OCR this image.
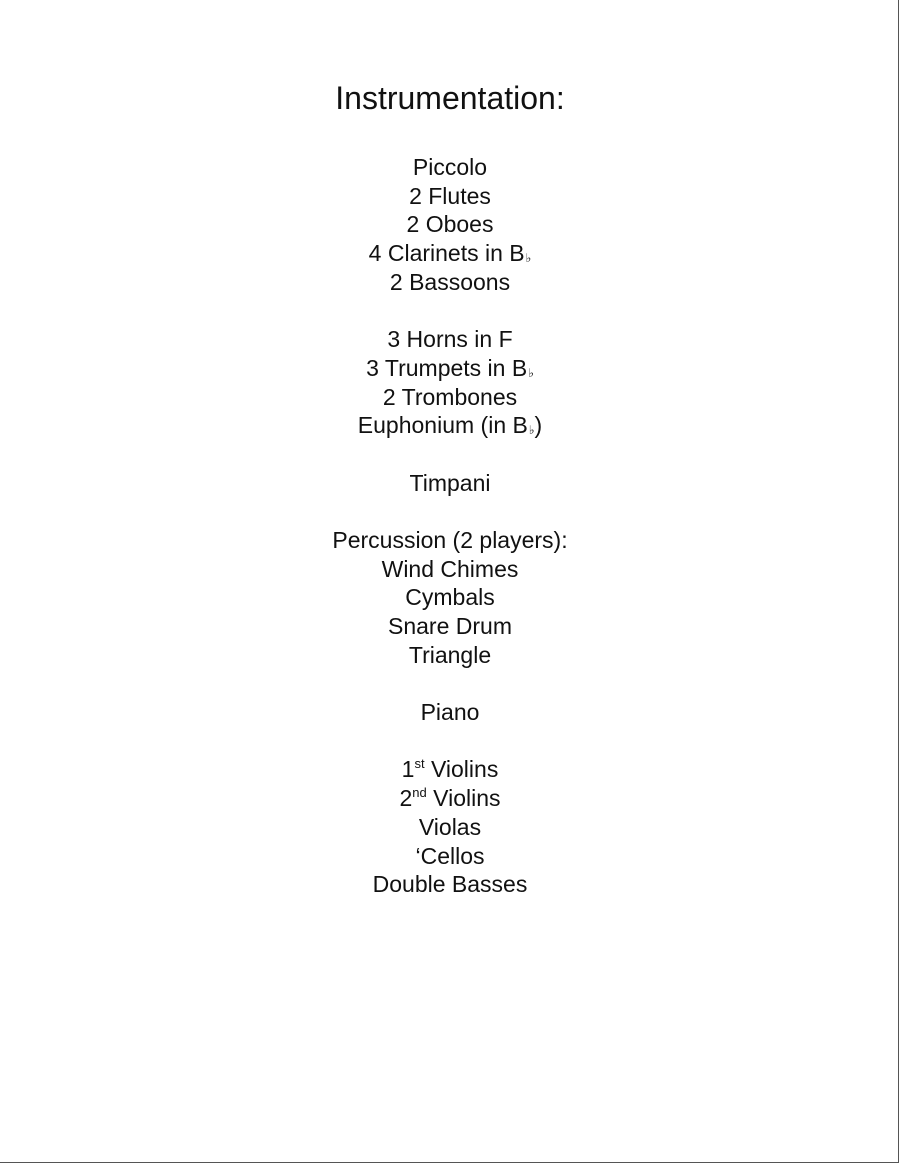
Instrumentation:
Piccolo
2 Flutes
2 Oboes
4 Clarinets in B♭
2 Bassoons
3 Horns in F
3 Trumpets in B♭
2 Trombones
Euphonium (in B♭)
Timpani
Percussion (2 players):
Wind Chimes
Cymbals
Snare Drum
Triangle
Piano
1st Violins
2nd Violins
Violas
‘Cellos
Double Basses
